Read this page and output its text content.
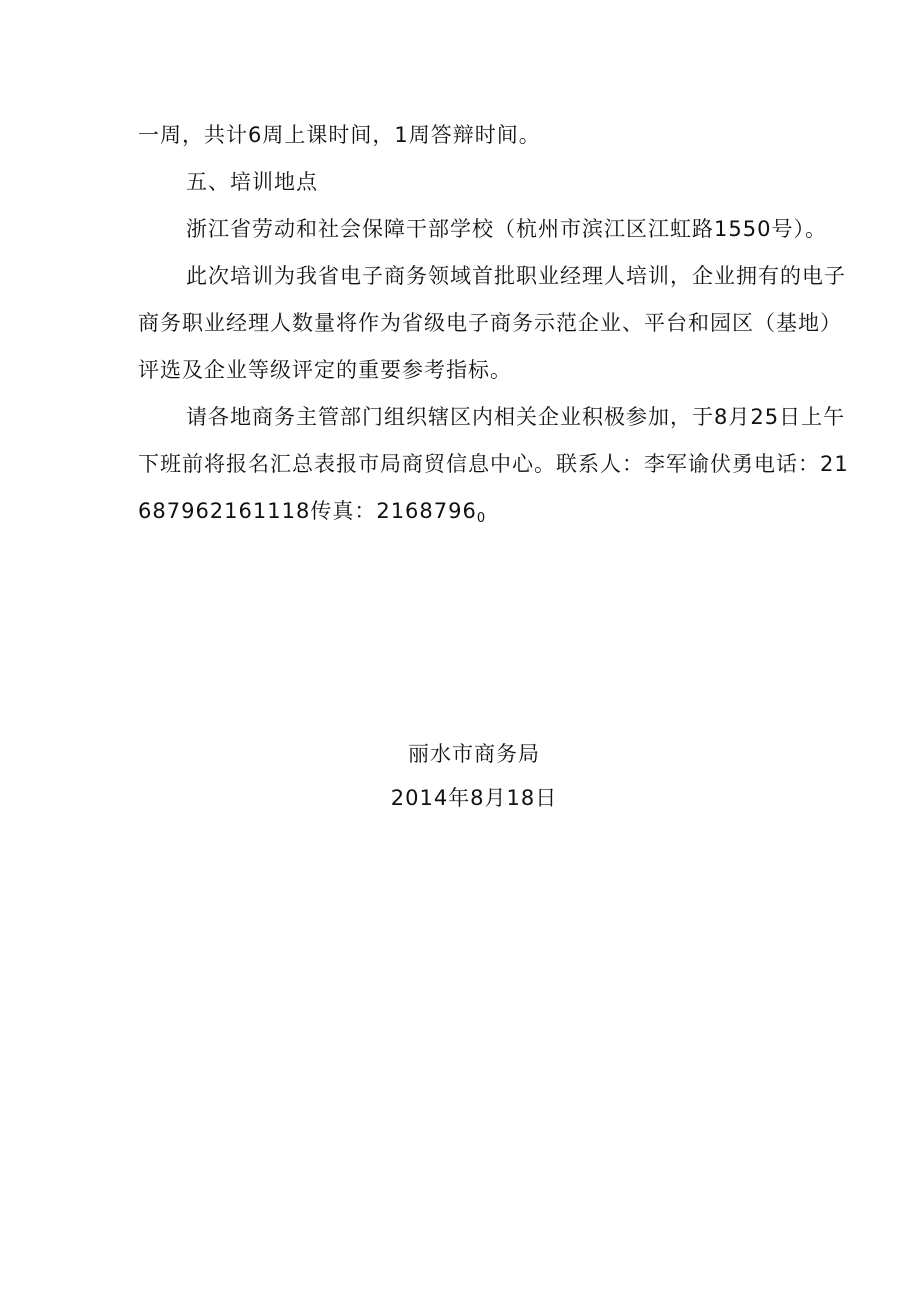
一周，共计6周上课时间，1周答辩时间。

五、培训地点

浙江省劳动和社会保障干部学校（杭州市滨江区江虹路1550号）。

此次培训为我省电子商务领域首批职业经理人培训，企业拥有的电子商务职业经理人数量将作为省级电子商务示范企业、平台和园区（基地）评选及企业等级评定的重要参考指标。

请各地商务主管部门组织辖区内相关企业积极参加，于8月25日上午下班前将报名汇总表报市局商贸信息中心。联系人：李军谕伏勇电话：21687962161118传真：21687960

丽水市商务局
2014年8月18日
